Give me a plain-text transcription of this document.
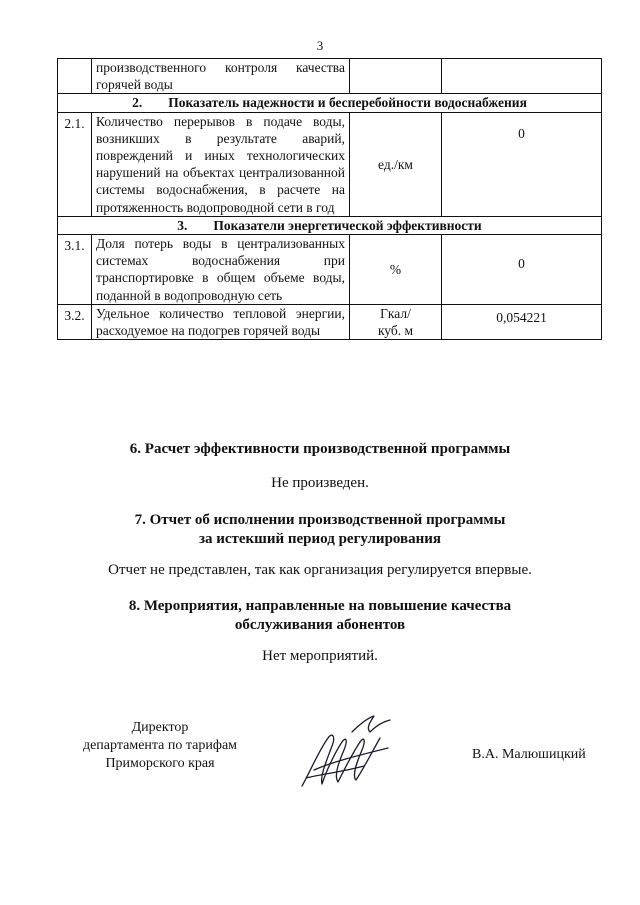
3
	производственного контроля качества горячей воды		
2. Показатель надежности и бесперебойности водоснабжения			
2.1.	Количество перерывов в подаче воды, возникших в результате аварий, повреждений и иных технологических нарушений на объектах централизованной системы водоснабжения, в расчете на протяженность водопроводной сети в год	ед./км	0
3. Показатели энергетической эффективности			
3.1.	Доля потерь воды в централизованных системах водоснабжения при транспортировке в общем объеме воды, поданной в водопроводную сеть	%	0
3.2.	Удельное количество тепловой энергии, расходуемое на подогрев горячей воды	Гкал/
куб. м	0,054221
6. Расчет эффективности производственной программы
Не произведен.
7. Отчет об исполнении производственной программы
за истекший период регулирования
Отчет не представлен, так как организация регулируется впервые.
8. Мероприятия, направленные на повышение качества
обслуживания абонентов
Нет мероприятий.
Директор
департамента по тарифам
Приморского края
В.А. Малюшицкий
